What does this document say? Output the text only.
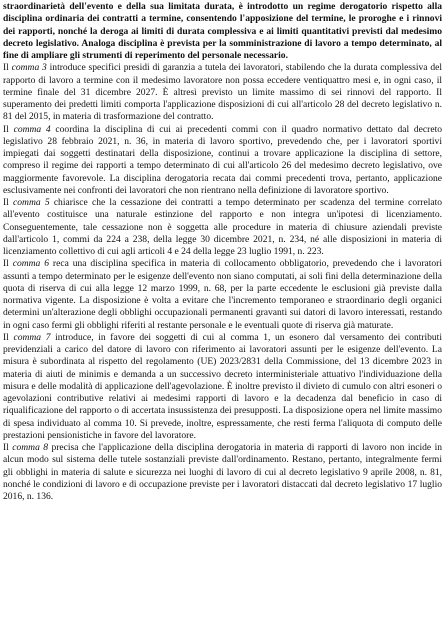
straordinarietà dell'evento e della sua limitata durata, è introdotto un regime derogatorio rispetto alla disciplina ordinaria dei contratti a termine, consentendo l'apposizione del termine, le proroghe e i rinnovi dei rapporti, nonché la deroga ai limiti di durata complessiva e ai limiti quantitativi previsti dal medesimo decreto legislativo. Analoga disciplina è prevista per la somministrazione di lavoro a tempo determinato, al fine di ampliare gli strumenti di reperimento del personale necessario.

Il comma 3 introduce specifici presidi di garanzia a tutela dei lavoratori, stabilendo che la durata complessiva del rapporto di lavoro a termine con il medesimo lavoratore non possa eccedere ventiquattro mesi e, in ogni caso, il termine finale del 31 dicembre 2027. È altresì previsto un limite massimo di sei rinnovi del rapporto. Il superamento dei predetti limiti comporta l'applicazione disposizioni di cui all'articolo 28 del decreto legislativo n. 81 del 2015, in materia di trasformazione del contratto.

Il comma 4 coordina la disciplina di cui ai precedenti commi con il quadro normativo dettato dal decreto legislativo 28 febbraio 2021, n. 36, in materia di lavoro sportivo, prevedendo che, per i lavoratori sportivi impiegati dai soggetti destinatari della disposizione, continui a trovare applicazione la disciplina di settore, compreso il regime dei rapporti a tempo determinato di cui all'articolo 26 del medesimo decreto legislativo, ove maggiormente favorevole. La disciplina derogatoria recata dai commi precedenti trova, pertanto, applicazione esclusivamente nei confronti dei lavoratori che non rientrano nella definizione di lavoratore sportivo.

Il comma 5 chiarisce che la cessazione dei contratti a tempo determinato per scadenza del termine correlato all'evento costituisce una naturale estinzione del rapporto e non integra un'ipotesi di licenziamento. Conseguentemente, tale cessazione non è soggetta alle procedure in materia di chiusure aziendali previste dall'articolo 1, commi da 224 a 238, della legge 30 dicembre 2021, n. 234, né alle disposizioni in materia di licenziamento collettivo di cui agli articoli 4 e 24 della legge 23 luglio 1991, n. 223.

Il comma 6 reca una disciplina specifica in materia di collocamento obbligatorio, prevedendo che i lavoratori assunti a tempo determinato per le esigenze dell'evento non siano computati, ai soli fini della determinazione della quota di riserva di cui alla legge 12 marzo 1999, n. 68, per la parte eccedente le esclusioni già previste dalla normativa vigente. La disposizione è volta a evitare che l'incremento temporaneo e straordinario degli organici determini un'alterazione degli obblighi occupazionali permanenti gravanti sui datori di lavoro interessati, restando in ogni caso fermi gli obblighi riferiti al restante personale e le eventuali quote di riserva già maturate.

Il comma 7 introduce, in favore dei soggetti di cui al comma 1, un esonero dal versamento dei contributi previdenziali a carico del datore di lavoro con riferimento ai lavoratori assunti per le esigenze dell'evento. La misura è subordinata al rispetto del regolamento (UE) 2023/2831 della Commissione, del 13 dicembre 2023 in materia di aiuti de minimis e demanda a un successivo decreto interministeriale attuativo l'individuazione della misura e delle modalità di applicazione dell'agevolazione. È inoltre previsto il divieto di cumulo con altri esoneri o agevolazioni contributive relativi ai medesimi rapporti di lavoro e la decadenza dal beneficio in caso di riqualificazione del rapporto o di accertata insussistenza dei presupposti. La disposizione opera nel limite massimo di spesa individuato al comma 10. Si prevede, inoltre, espressamente, che resti ferma l'aliquota di computo delle prestazioni pensionistiche in favore del lavoratore.

Il comma 8 precisa che l'applicazione della disciplina derogatoria in materia di rapporti di lavoro non incide in alcun modo sul sistema delle tutele sostanziali previste dall'ordinamento. Restano, pertanto, integralmente fermi gli obblighi in materia di salute e sicurezza nei luoghi di lavoro di cui al decreto legislativo 9 aprile 2008, n. 81, nonché le condizioni di lavoro e di occupazione previste per i lavoratori distaccati dal decreto legislativo 17 luglio 2016, n. 136.
